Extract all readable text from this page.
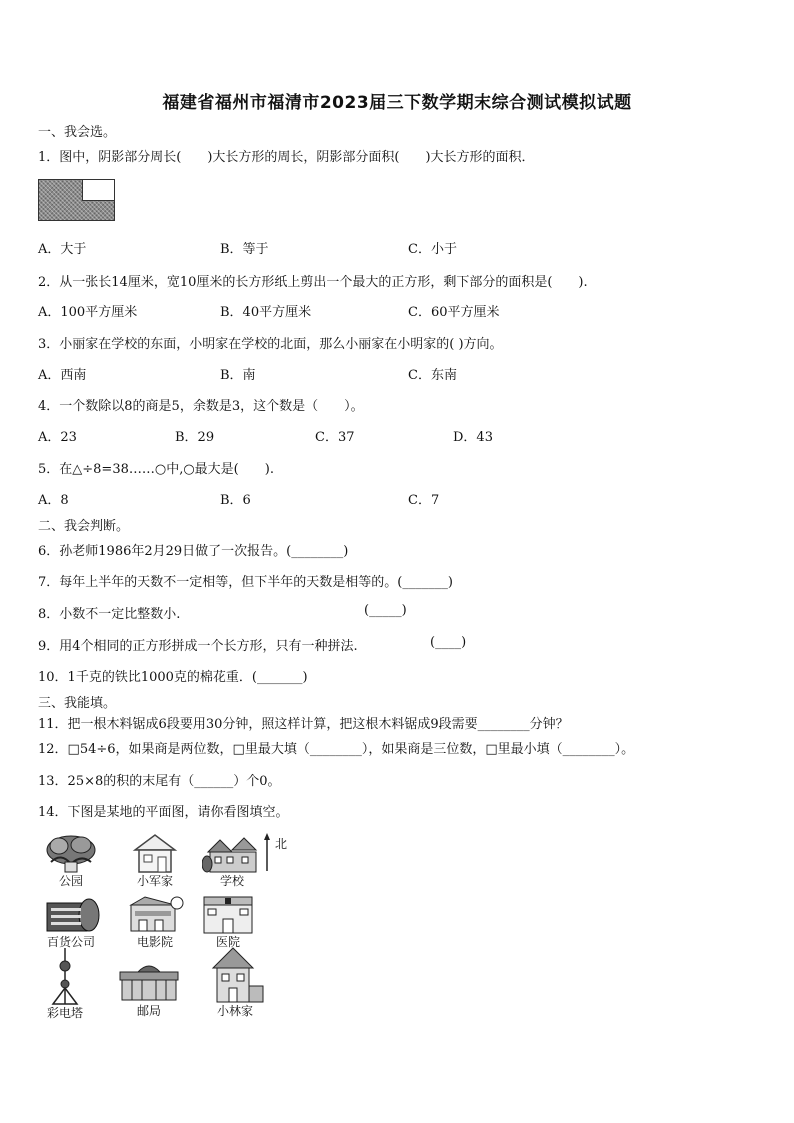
福建省福州市福清市2023届三下数学期末综合测试模拟试题
一、我会选。
1．图中，阴影部分周长(　　)大长方形的周长，阴影部分面积(　　)大长方形的面积．
A．大于	B．等于	C．小于
2．从一张长14厘米，宽10厘米的长方形纸上剪出一个最大的正方形，剩下部分的面积是(　　).
A．100平方厘米	B．40平方厘米	C．60平方厘米
3．小丽家在学校的东面，小明家在学校的北面，那么小丽家在小明家的( )方向。
A．西南	B．南	C．东南
4．一个数除以8的商是5，余数是3，这个数是（　　）。
A．23	B．29	C．37	D．43
5．在△÷8=38……○中,○最大是(　　).
A．8	B．6	C．7
二、我会判断。
6．孙老师1986年2月29日做了一次报告。(________)
7．每年上半年的天数不一定相等，但下半年的天数是相等的。(_______)
8．小数不一定比整数小.	(_____)
9．用4个相同的正方形拼成一个长方形，只有一种拼法.	(____)
10．1千克的铁比1000克的棉花重．(_______)
三、我能填。
11．把一根木料锯成6段要用30分钟，照这样计算，把这根木料锯成9段需要________分钟？
12．□54÷6，如果商是两位数，□里最大填（________），如果商是三位数，□里最小填（________）。
13．25×8的积的末尾有（______）个0。
14．下图是某地的平面图，请你看图填空。
公园	小军家	学校
北
百货公司	电影院	医院
彩电塔	邮局	小林家
